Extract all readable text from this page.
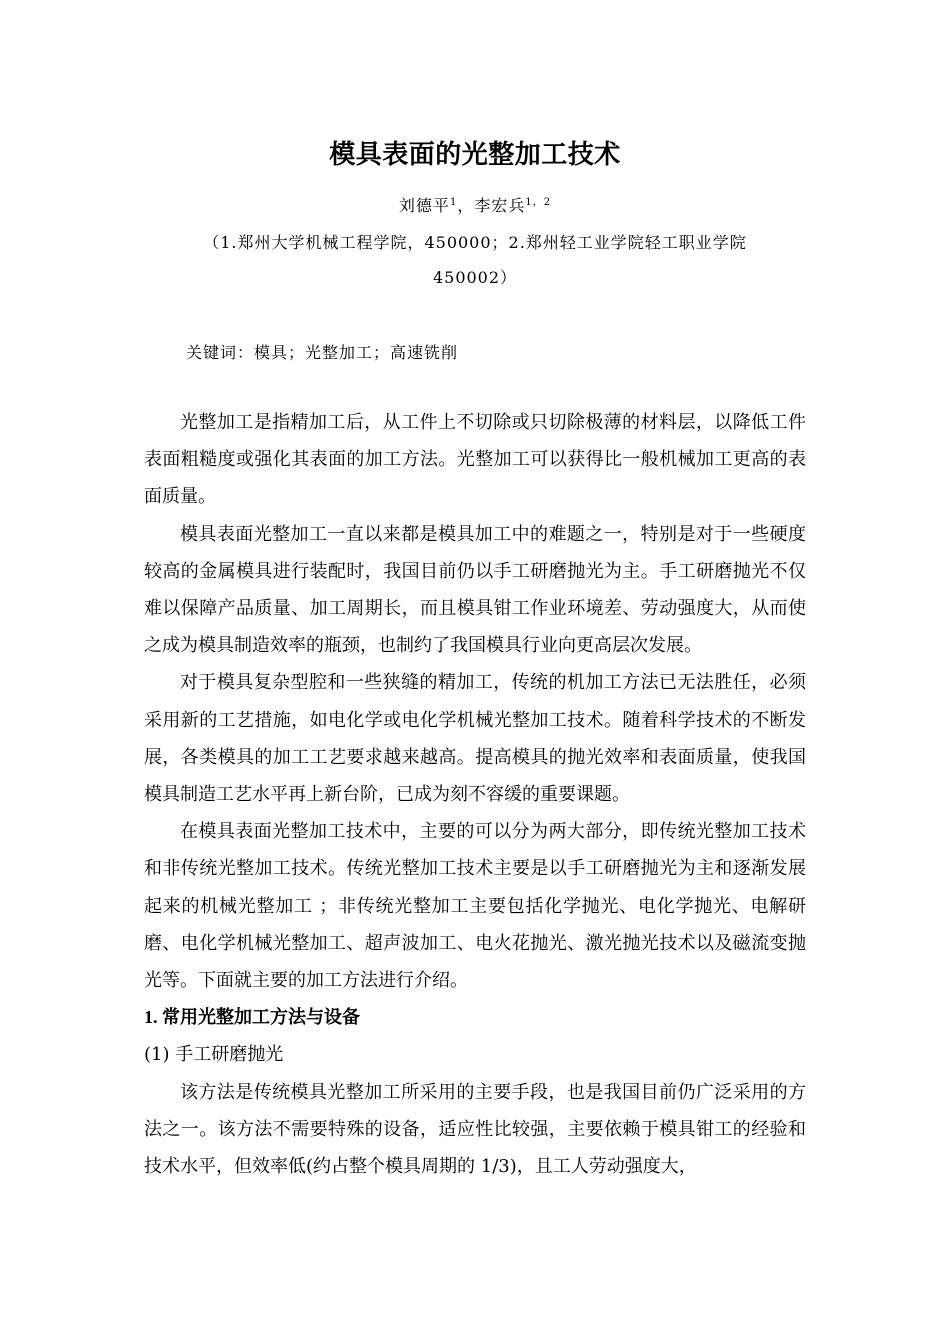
模具表面的光整加工技术
刘德平$^1$，李宏兵$^{1,2}$
（1.郑州大学机械工程学院，450000；2.郑州轻工业学院轻工职业学院
450002）
关键词：模具；光整加工；高速铣削

光整加工是指精加工后，从工件上不切除或只切除极薄的材料层，以降低工件表面粗糙度或强化其表面的加工方法。光整加工可以获得比一般机械加工更高的表面质量。

模具表面光整加工一直以来都是模具加工中的难题之一，特别是对于一些硬度较高的金属模具进行装配时，我国目前仍以手工研磨抛光为主。手工研磨抛光不仅难以保障产品质量、加工周期长，而且模具钳工作业环境差、劳动强度大，从而使之成为模具制造效率的瓶颈，也制约了我国模具行业向更高层次发展。

对于模具复杂型腔和一些狭缝的精加工，传统的机加工方法已无法胜任，必须采用新的工艺措施，如电化学或电化学机械光整加工技术。随着科学技术的不断发展，各类模具的加工工艺要求越来越高。提高模具的抛光效率和表面质量，使我国模具制造工艺水平再上新台阶，已成为刻不容缓的重要课题。

在模具表面光整加工技术中，主要的可以分为两大部分，即传统光整加工技术和非传统光整加工技术。传统光整加工技术主要是以手工研磨抛光为主和逐渐发展起来的机械光整加工 ；非传统光整加工主要包括化学抛光、电化学抛光、电解研磨、电化学机械光整加工、超声波加工、电火花抛光、激光抛光技术以及磁流变抛光等。下面就主要的加工方法进行介绍。

1. 常用光整加工方法与设备

(1) 手工研磨抛光

该方法是传统模具光整加工所采用的主要手段，也是我国目前仍广泛采用的方法之一。该方法不需要特殊的设备，适应性比较强，主要依赖于模具钳工的经验和技术水平，但效率低(约占整个模具周期的 1/3)，且工人劳动强度大，
